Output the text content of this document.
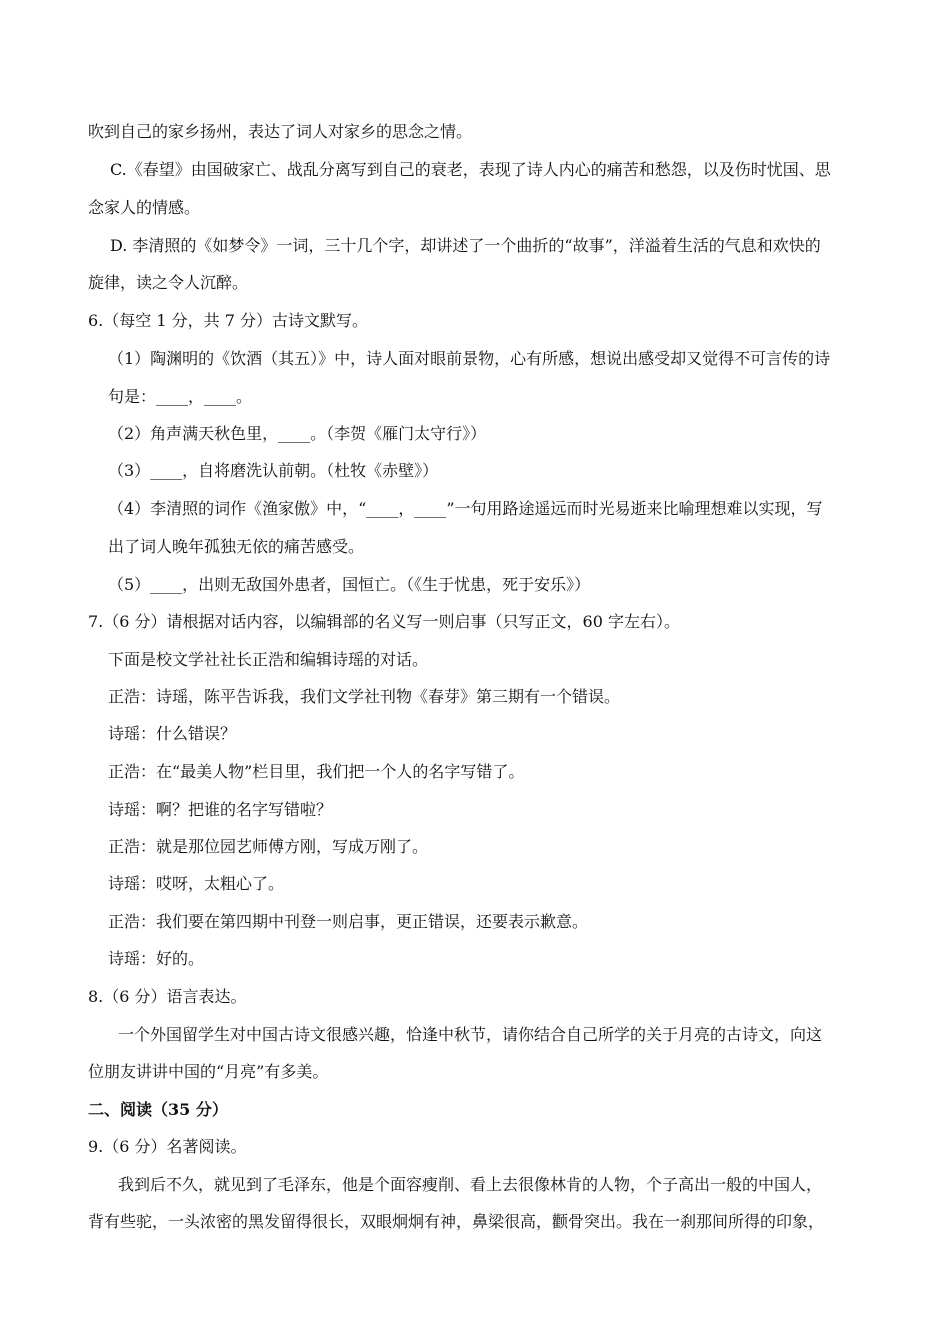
吹到自己的家乡扬州，表达了词人对家乡的思念之情。
C.《春望》由国破家亡、战乱分离写到自己的衰老，表现了诗人内心的痛苦和愁怨，以及伤时忧国、思
念家人的情感。
D. 李清照的《如梦令》一词，三十几个字，却讲述了一个曲折的“故事”，洋溢着生活的气息和欢快的
旋律，读之令人沉醉。
6.（每空 1 分，共 7 分）古诗文默写。
（1）陶渊明的《饮酒（其五）》中，诗人面对眼前景物，心有所感，想说出感受却又觉得不可言传的诗
句是：____，____。
（2）角声满天秋色里，____。（李贺《雁门太守行》）
（3）____，自将磨洗认前朝。（杜牧《赤壁》）
（4）李清照的词作《渔家傲》中，“____，____”一句用路途遥远而时光易逝来比喻理想难以实现，写
出了词人晚年孤独无依的痛苦感受。
（5）____，出则无敌国外患者，国恒亡。（《生于忧患，死于安乐》）
7.（6 分）请根据对话内容，以编辑部的名义写一则启事（只写正文，60 字左右）。
下面是校文学社社长正浩和编辑诗瑶的对话。
正浩：诗瑶，陈平告诉我，我们文学社刊物《春芽》第三期有一个错误。
诗瑶：什么错误？
正浩：在“最美人物”栏目里，我们把一个人的名字写错了。
诗瑶：啊？把谁的名字写错啦？
正浩：就是那位园艺师傅方刚，写成万刚了。
诗瑶：哎呀，太粗心了。
正浩：我们要在第四期中刊登一则启事，更正错误，还要表示歉意。
诗瑶：好的。
8.（6 分）语言表达。
一个外国留学生对中国古诗文很感兴趣，恰逢中秋节，请你结合自己所学的关于月亮的古诗文，向这
位朋友讲讲中国的“月亮”有多美。
二、阅读（35 分）
9.（6 分）名著阅读。
我到后不久，就见到了毛泽东，他是个面容瘦削、看上去很像林肯的人物，个子高出一般的中国人，
背有些驼，一头浓密的黑发留得很长，双眼炯炯有神，鼻梁很高，颧骨突出。我在一刹那间所得的印象，
